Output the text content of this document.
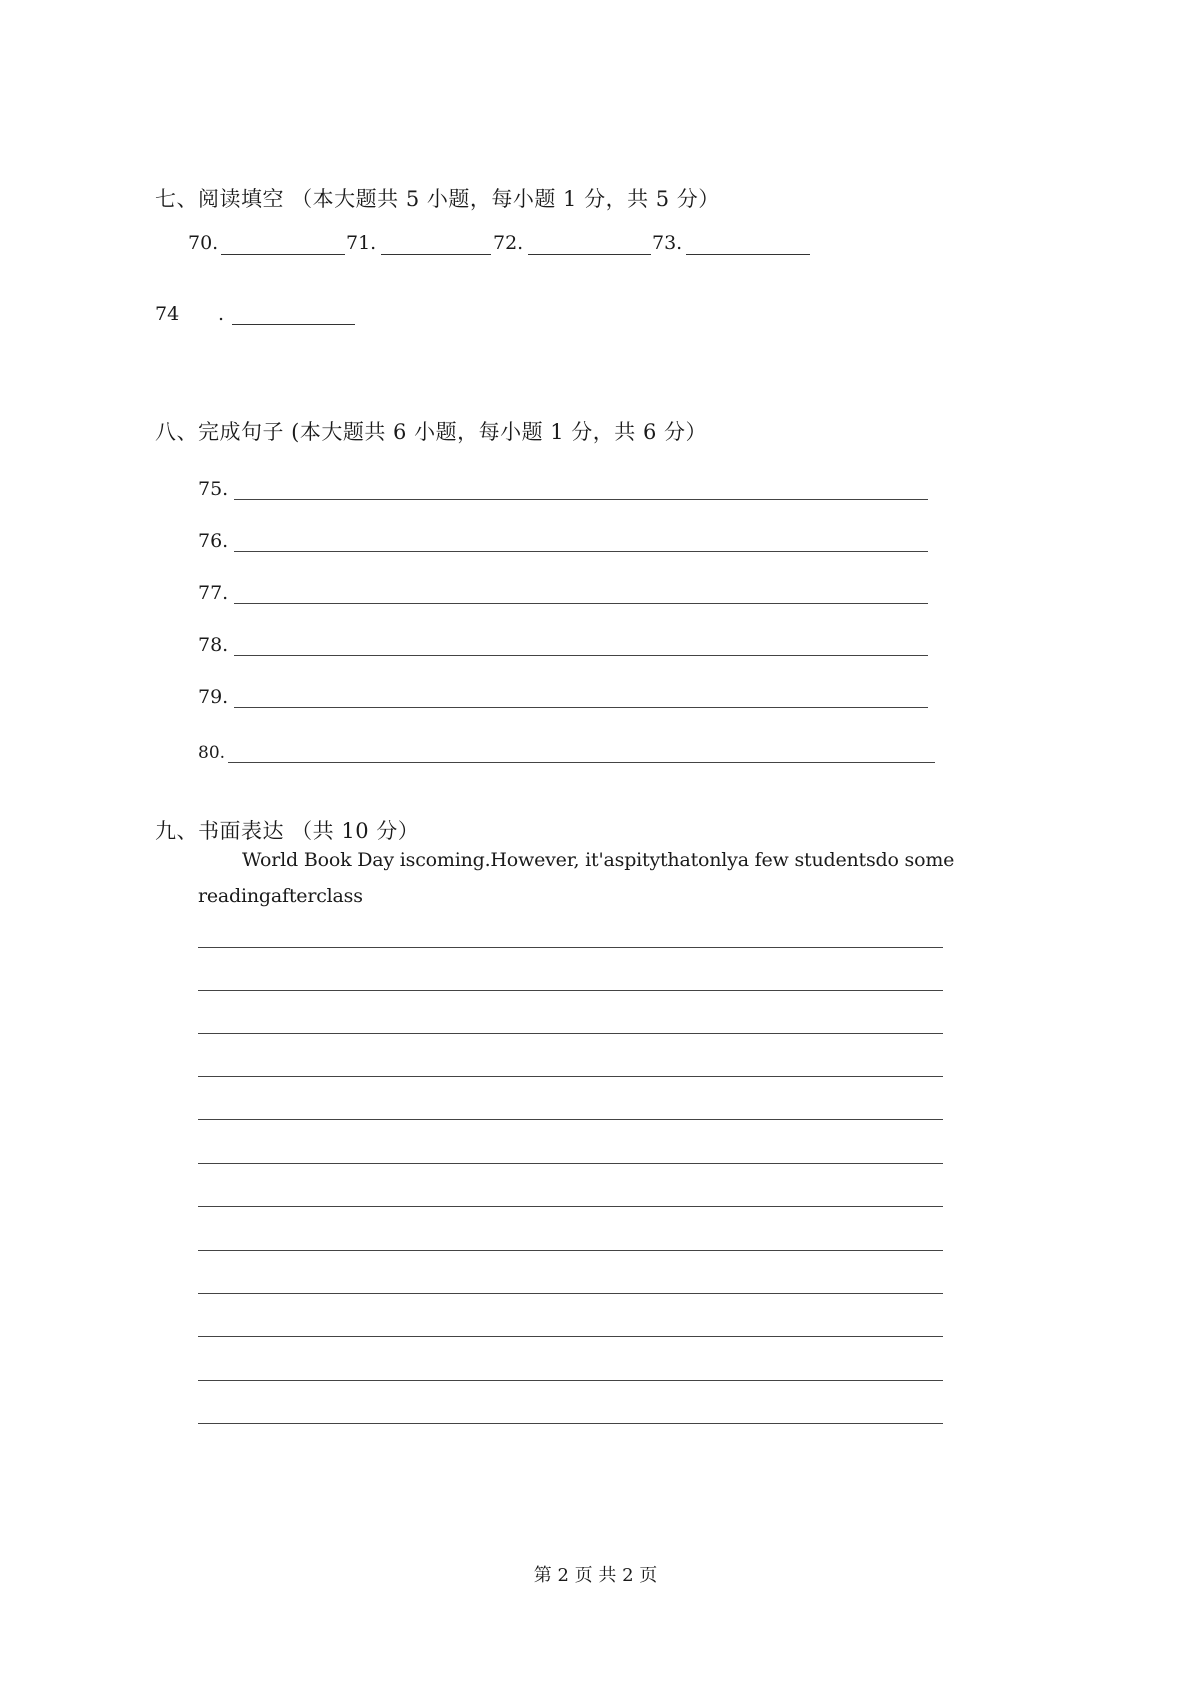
七、阅读填空 （本大题共 5 小题，每小题 1 分，共 5 分）
70.	71.	72.	73.
74 .
八、完成句子 (本大题共 6 小题，每小题 1 分，共 6 分）
75.
76.
77.
78.
79.
80.
九、书面表达 （共 10 分）
World Book Day iscoming.However, it'aspitythatonlya few studentsdo some
readingafterclass
第 2 页 共 2 页
